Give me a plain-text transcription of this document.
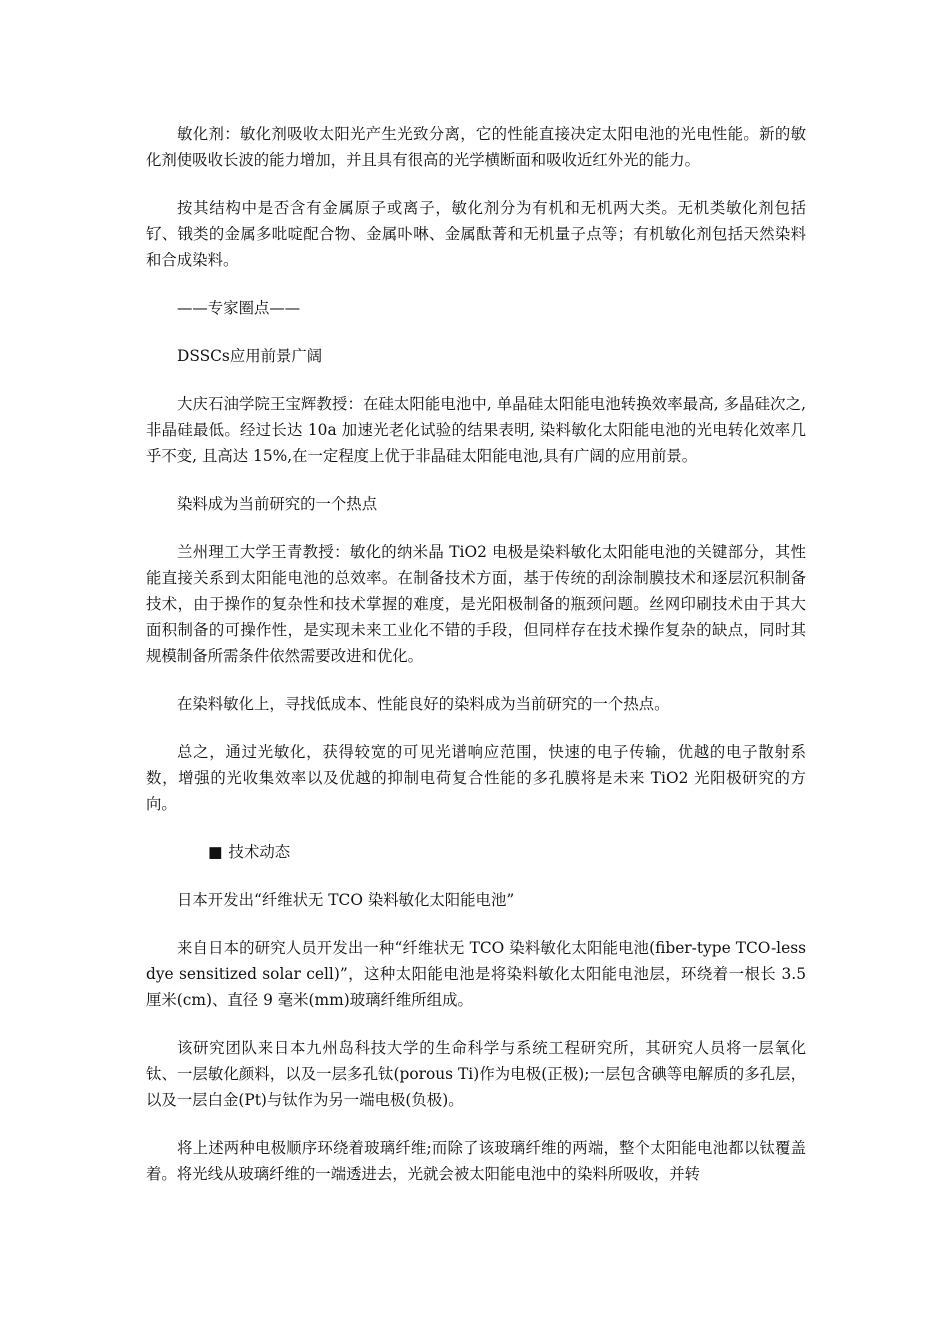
敏化剂：敏化剂吸收太阳光产生光致分离，它的性能直接决定太阳电池的光电性能。新的敏化剂使吸收长波的能力增加，并且具有很高的光学横断面和吸收近红外光的能力。

按其结构中是否含有金属原子或离子，敏化剂分为有机和无机两大类。无机类敏化剂包括钌、锇类的金属多吡啶配合物、金属卟啉、金属酞菁和无机量子点等；有机敏化剂包括天然染料和合成染料。

——专家圈点——

DSSCs应用前景广阔

大庆石油学院王宝辉教授：在硅太阳能电池中, 单晶硅太阳能电池转换效率最高, 多晶硅次之, 非晶硅最低。经过长达 10a 加速光老化试验的结果表明, 染料敏化太阳能电池的光电转化效率几乎不变, 且高达 15%,在一定程度上优于非晶硅太阳能电池,具有广阔的应用前景。

染料成为当前研究的一个热点

兰州理工大学王青教授：敏化的纳米晶 TiO2 电极是染料敏化太阳能电池的关键部分，其性能直接关系到太阳能电池的总效率。在制备技术方面，基于传统的刮涂制膜技术和逐层沉积制备技术，由于操作的复杂性和技术掌握的难度，是光阳极制备的瓶颈问题。丝网印刷技术由于其大面积制备的可操作性，是实现未来工业化不错的手段，但同样存在技术操作复杂的缺点，同时其规模制备所需条件依然需要改进和优化。

在染料敏化上，寻找低成本、性能良好的染料成为当前研究的一个热点。

总之，通过光敏化，获得较宽的可见光谱响应范围，快速的电子传输，优越的电子散射系数，增强的光收集效率以及优越的抑制电荷复合性能的多孔膜将是未来 TiO2 光阳极研究的方向。

■ 技术动态

日本开发出“纤维状无 TCO 染料敏化太阳能电池”

来自日本的研究人员开发出一种“纤维状无 TCO 染料敏化太阳能电池(fiber-type TCO-less dye sensitized solar cell)”，这种太阳能电池是将染料敏化太阳能电池层，环绕着一根长 3.5 厘米(cm)、直径 9 毫米(mm)玻璃纤维所组成。

该研究团队来日本九州岛科技大学的生命科学与系统工程研究所，其研究人员将一层氧化钛、一层敏化颜料，以及一层多孔钛(porous Ti)作为电极(正极);一层包含碘等电解质的多孔层，以及一层白金(Pt)与钛作为另一端电极(负极)。

将上述两种电极顺序环绕着玻璃纤维;而除了该玻璃纤维的两端，整个太阳能电池都以钛覆盖着。将光线从玻璃纤维的一端透进去，光就会被太阳能电池中的染料所吸收，并转
